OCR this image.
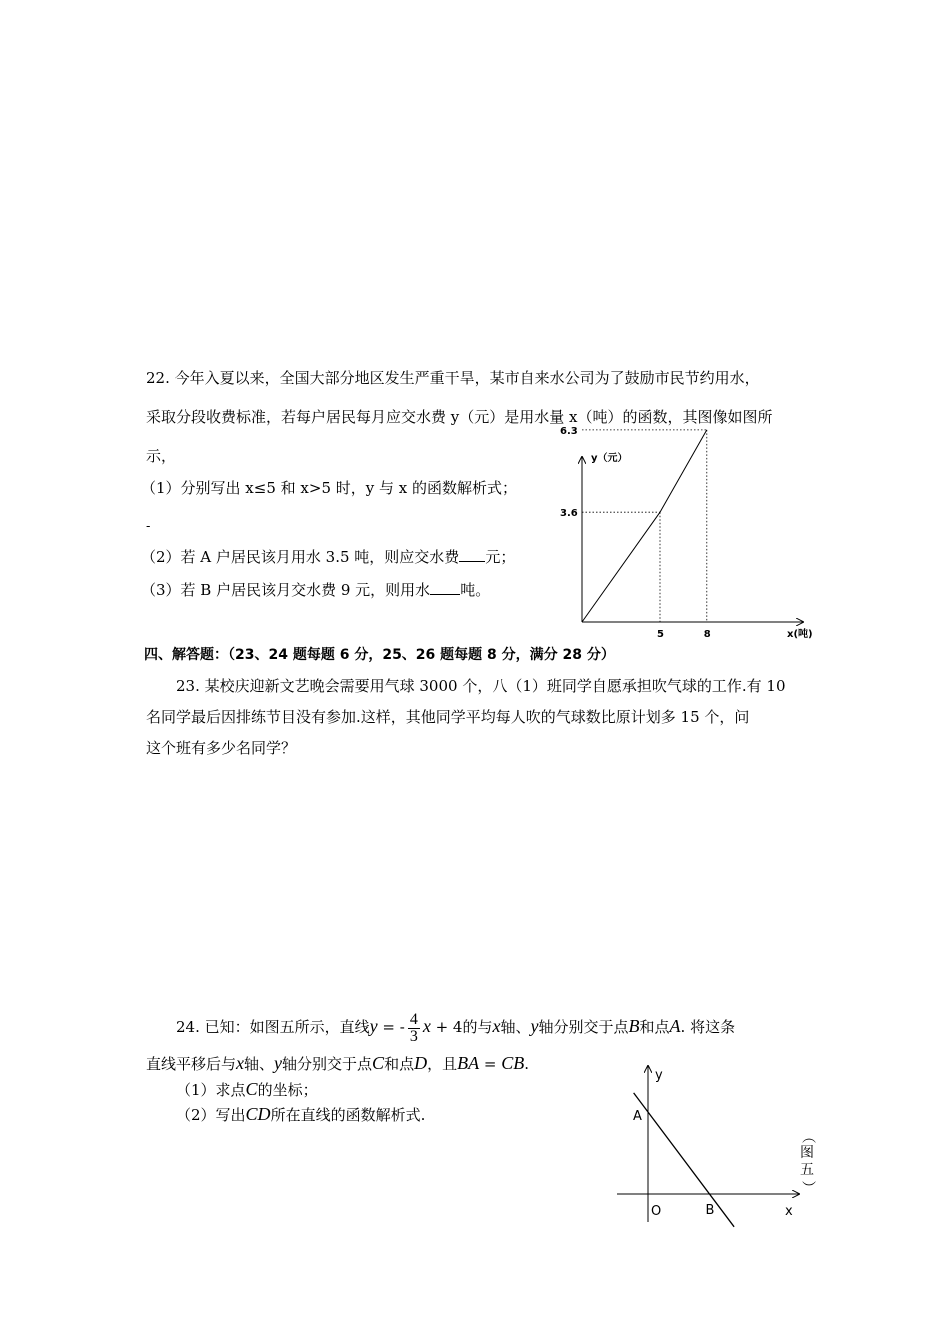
22. 今年入夏以来，全国大部分地区发生严重干旱，某市自来水公司为了鼓励市民节约用水，
采取分段收费标准，若每户居民每月应交水费 y（元）是用水量 x（吨）的函数，其图像如图所
示，
（1）分别写出 x≤5 和 x>5 时，y 与 x 的函数解析式；
-
（2）若 A 户居民该月用水 3.5 吨，则应交水费 元；
（3）若 B 户居民该月交水费 9 元，则用水 吨。
y（元）
x(吨)
5	8
3.6
6.3
四、解答题：（23、24 题每题 6 分，25、26 题每题 8 分，满分 28 分）
23. 某校庆迎新文艺晚会需要用气球 3000 个，八（1）班同学自愿承担吹气球的工作.有 10
名同学最后因排练节目没有参加.这样，其他同学平均每人吹的气球数比原计划多 15 个，问
这个班有多少名同学？
24. 已知：如图五所示，直线y = - $\frac{4}{3}$ x + 4的与x轴、y轴分别交于点B和点A. 将这条
直线平移后与x轴、y轴分别交于点C和点D，且BA = CB.
（1）求点C的坐标；
（2）写出CD所在直线的函数解析式.
y
x
O
A
B
（
图
五
）
